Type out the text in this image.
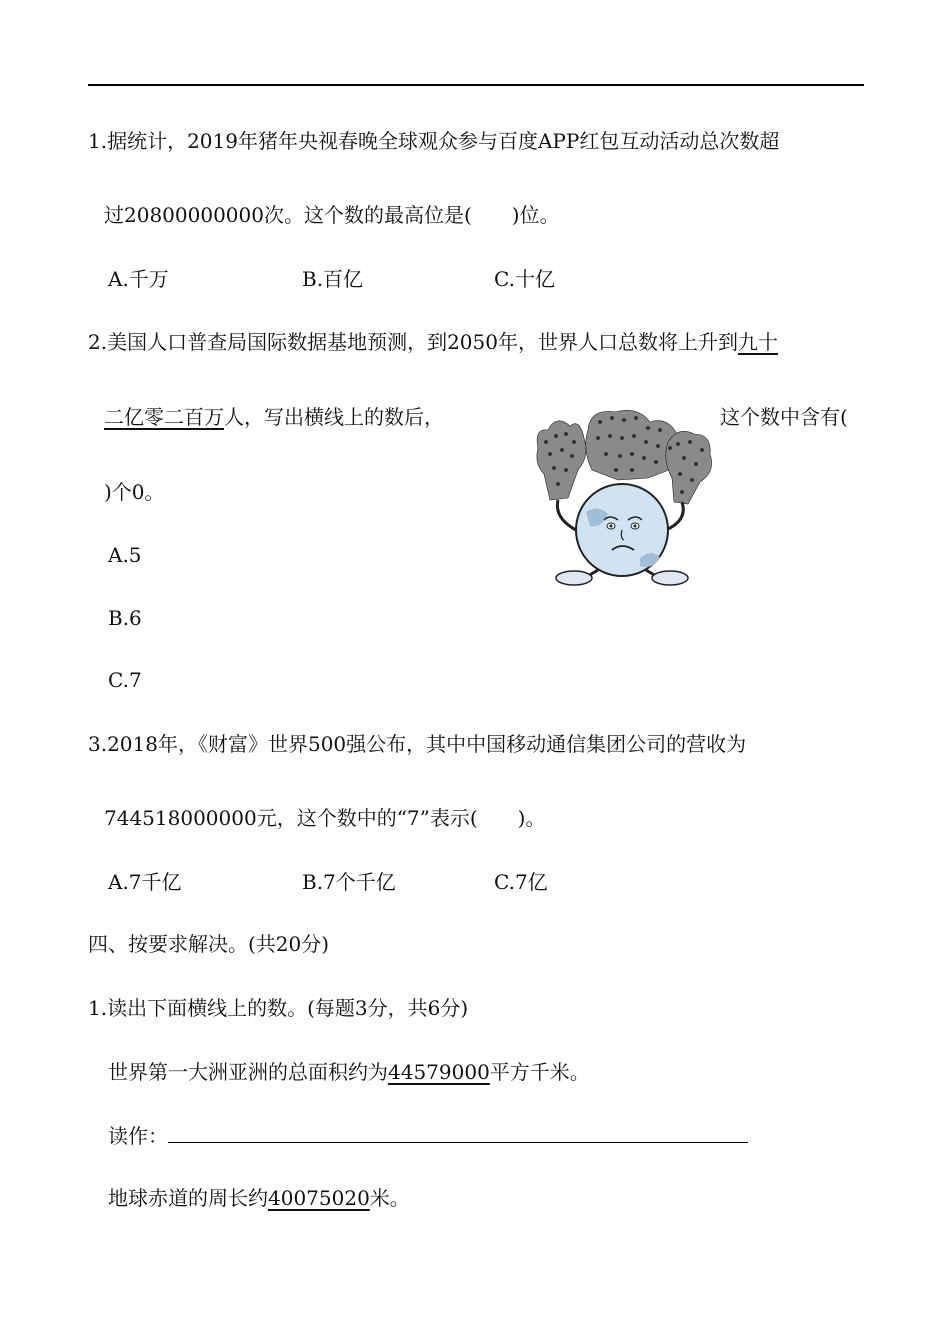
1.据统计，2019年猪年央视春晚全球观众参与百度APP红包互动活动总次数超
过20800000000次。这个数的最高位是(　　)位。
A.千万	B.百亿	C.十亿
2.美国人口普查局国际数据基地预测，到2050年，世界人口总数将上升到九十
二亿零二百万人，写出横线上的数后，	这个数中含有(
)个0。
A.5
B.6
C.7
3.2018年，《财富》世界500强公布，其中中国移动通信集团公司的营收为
744518000000元，这个数中的“7”表示(　　)。
A.7千亿	B.7个千亿	C.7亿
四、按要求解决。(共20分)
1.读出下面横线上的数。(每题3分，共6分)
世界第一大洲亚洲的总面积约为44579000平方千米。
读作：
地球赤道的周长约40075020米。
